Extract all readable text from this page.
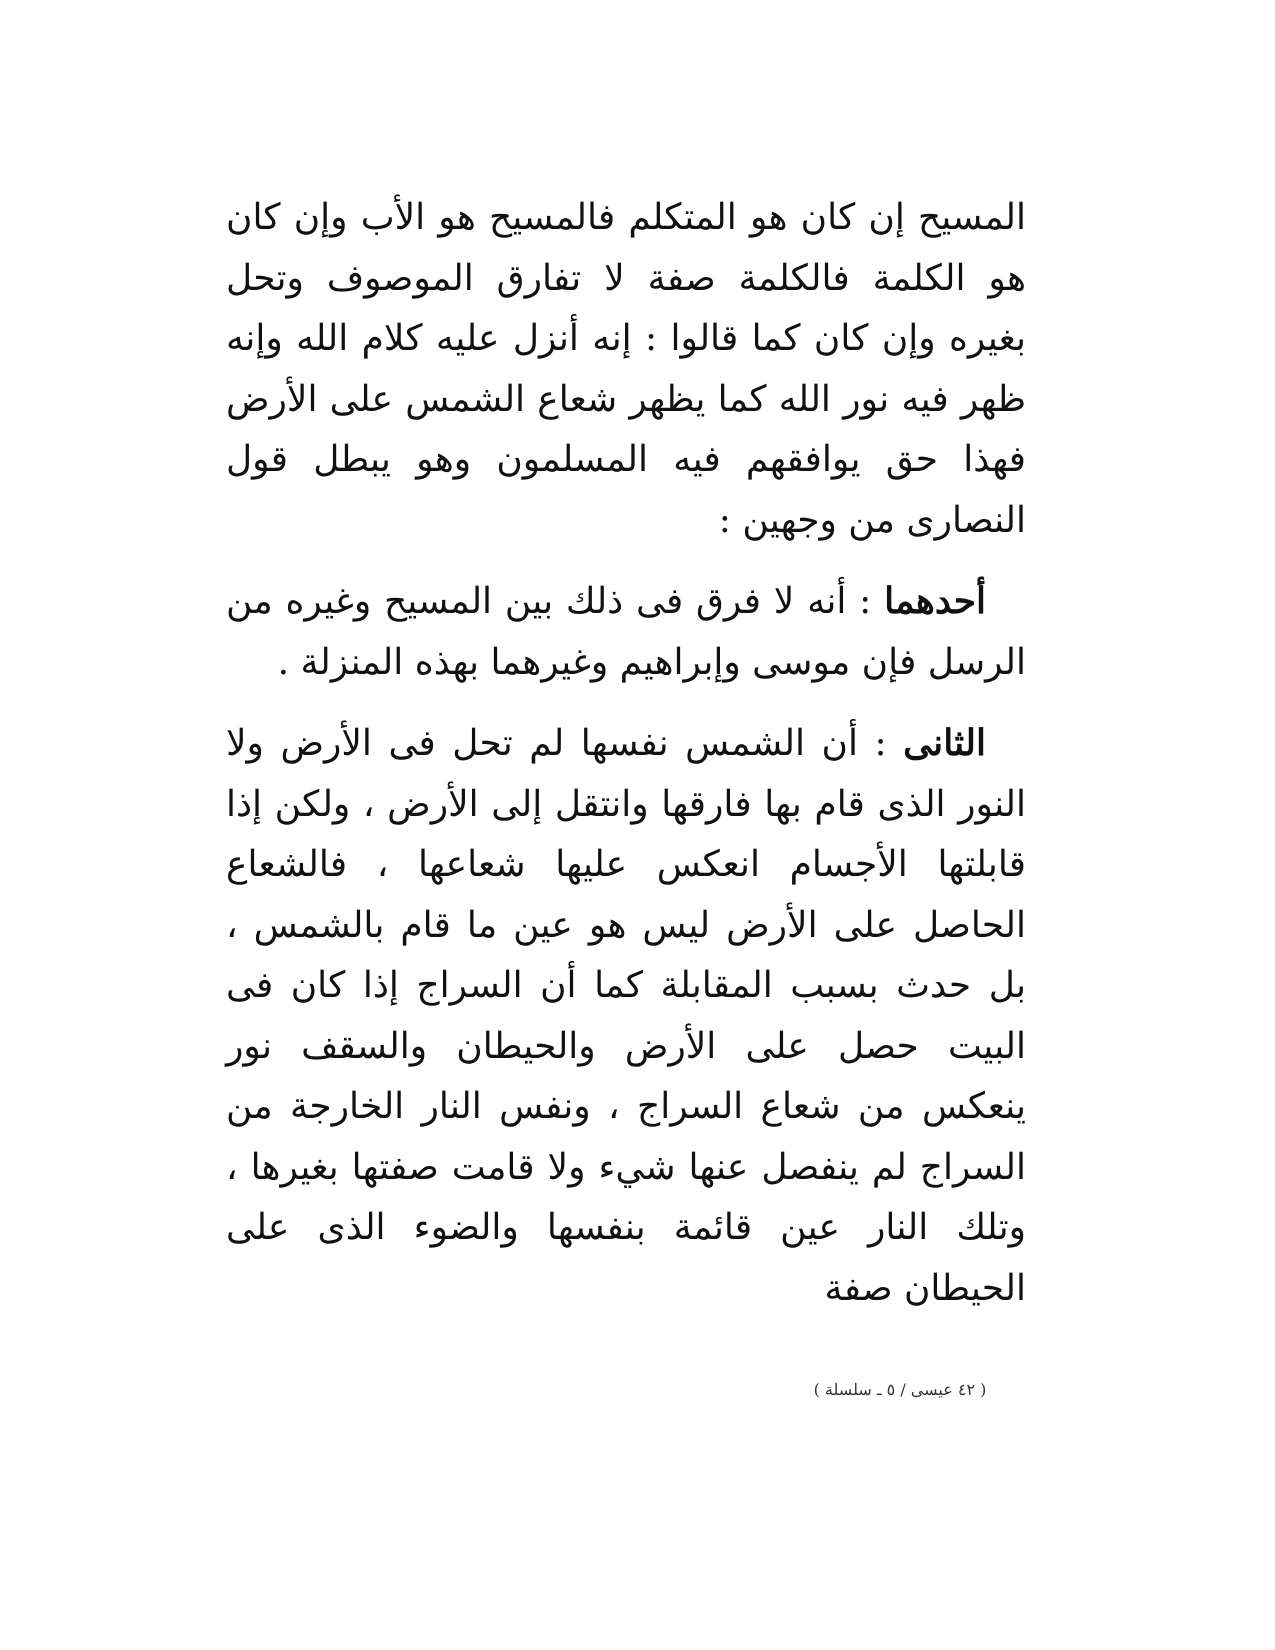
المسيح إن كان هو المتكلم فالمسيح هو الأب وإن كان هو الكلمة فالكلمة صفة لا تفارق الموصوف وتحل بغيره وإن كان كما قالوا : إنه أنزل عليه كلام الله وإنه ظهر فيه نور الله كما يظهر شعاع الشمس على الأرض فهذا حق يوافقهم فيه المسلمون وهو يبطل قول النصارى من وجهين :

أحدهما : أنه لا فرق فى ذلك بين المسيح وغيره من الرسل فإن موسى وإبراهيم وغيرهما بهذه المنزلة .

الثانى : أن الشمس نفسها لم تحل فى الأرض ولا النور الذى قام بها فارقها وانتقل إلى الأرض ، ولكن إذا قابلتها الأجسام انعكس عليها شعاعها ، فالشعاع الحاصل على الأرض ليس هو عين ما قام بالشمس ، بل حدث بسبب المقابلة كما أن السراج إذا كان فى البيت حصل على الأرض والحيطان والسقف نور ينعكس من شعاع السراج ، ونفس النار الخارجة من السراج لم ينفصل عنها شيء ولا قامت صفتها بغيرها ، وتلك النار عين قائمة بنفسها والضوء الذى على الحيطان صفة

( ٤٢ عيسى / ٥ ـ سلسلة )
